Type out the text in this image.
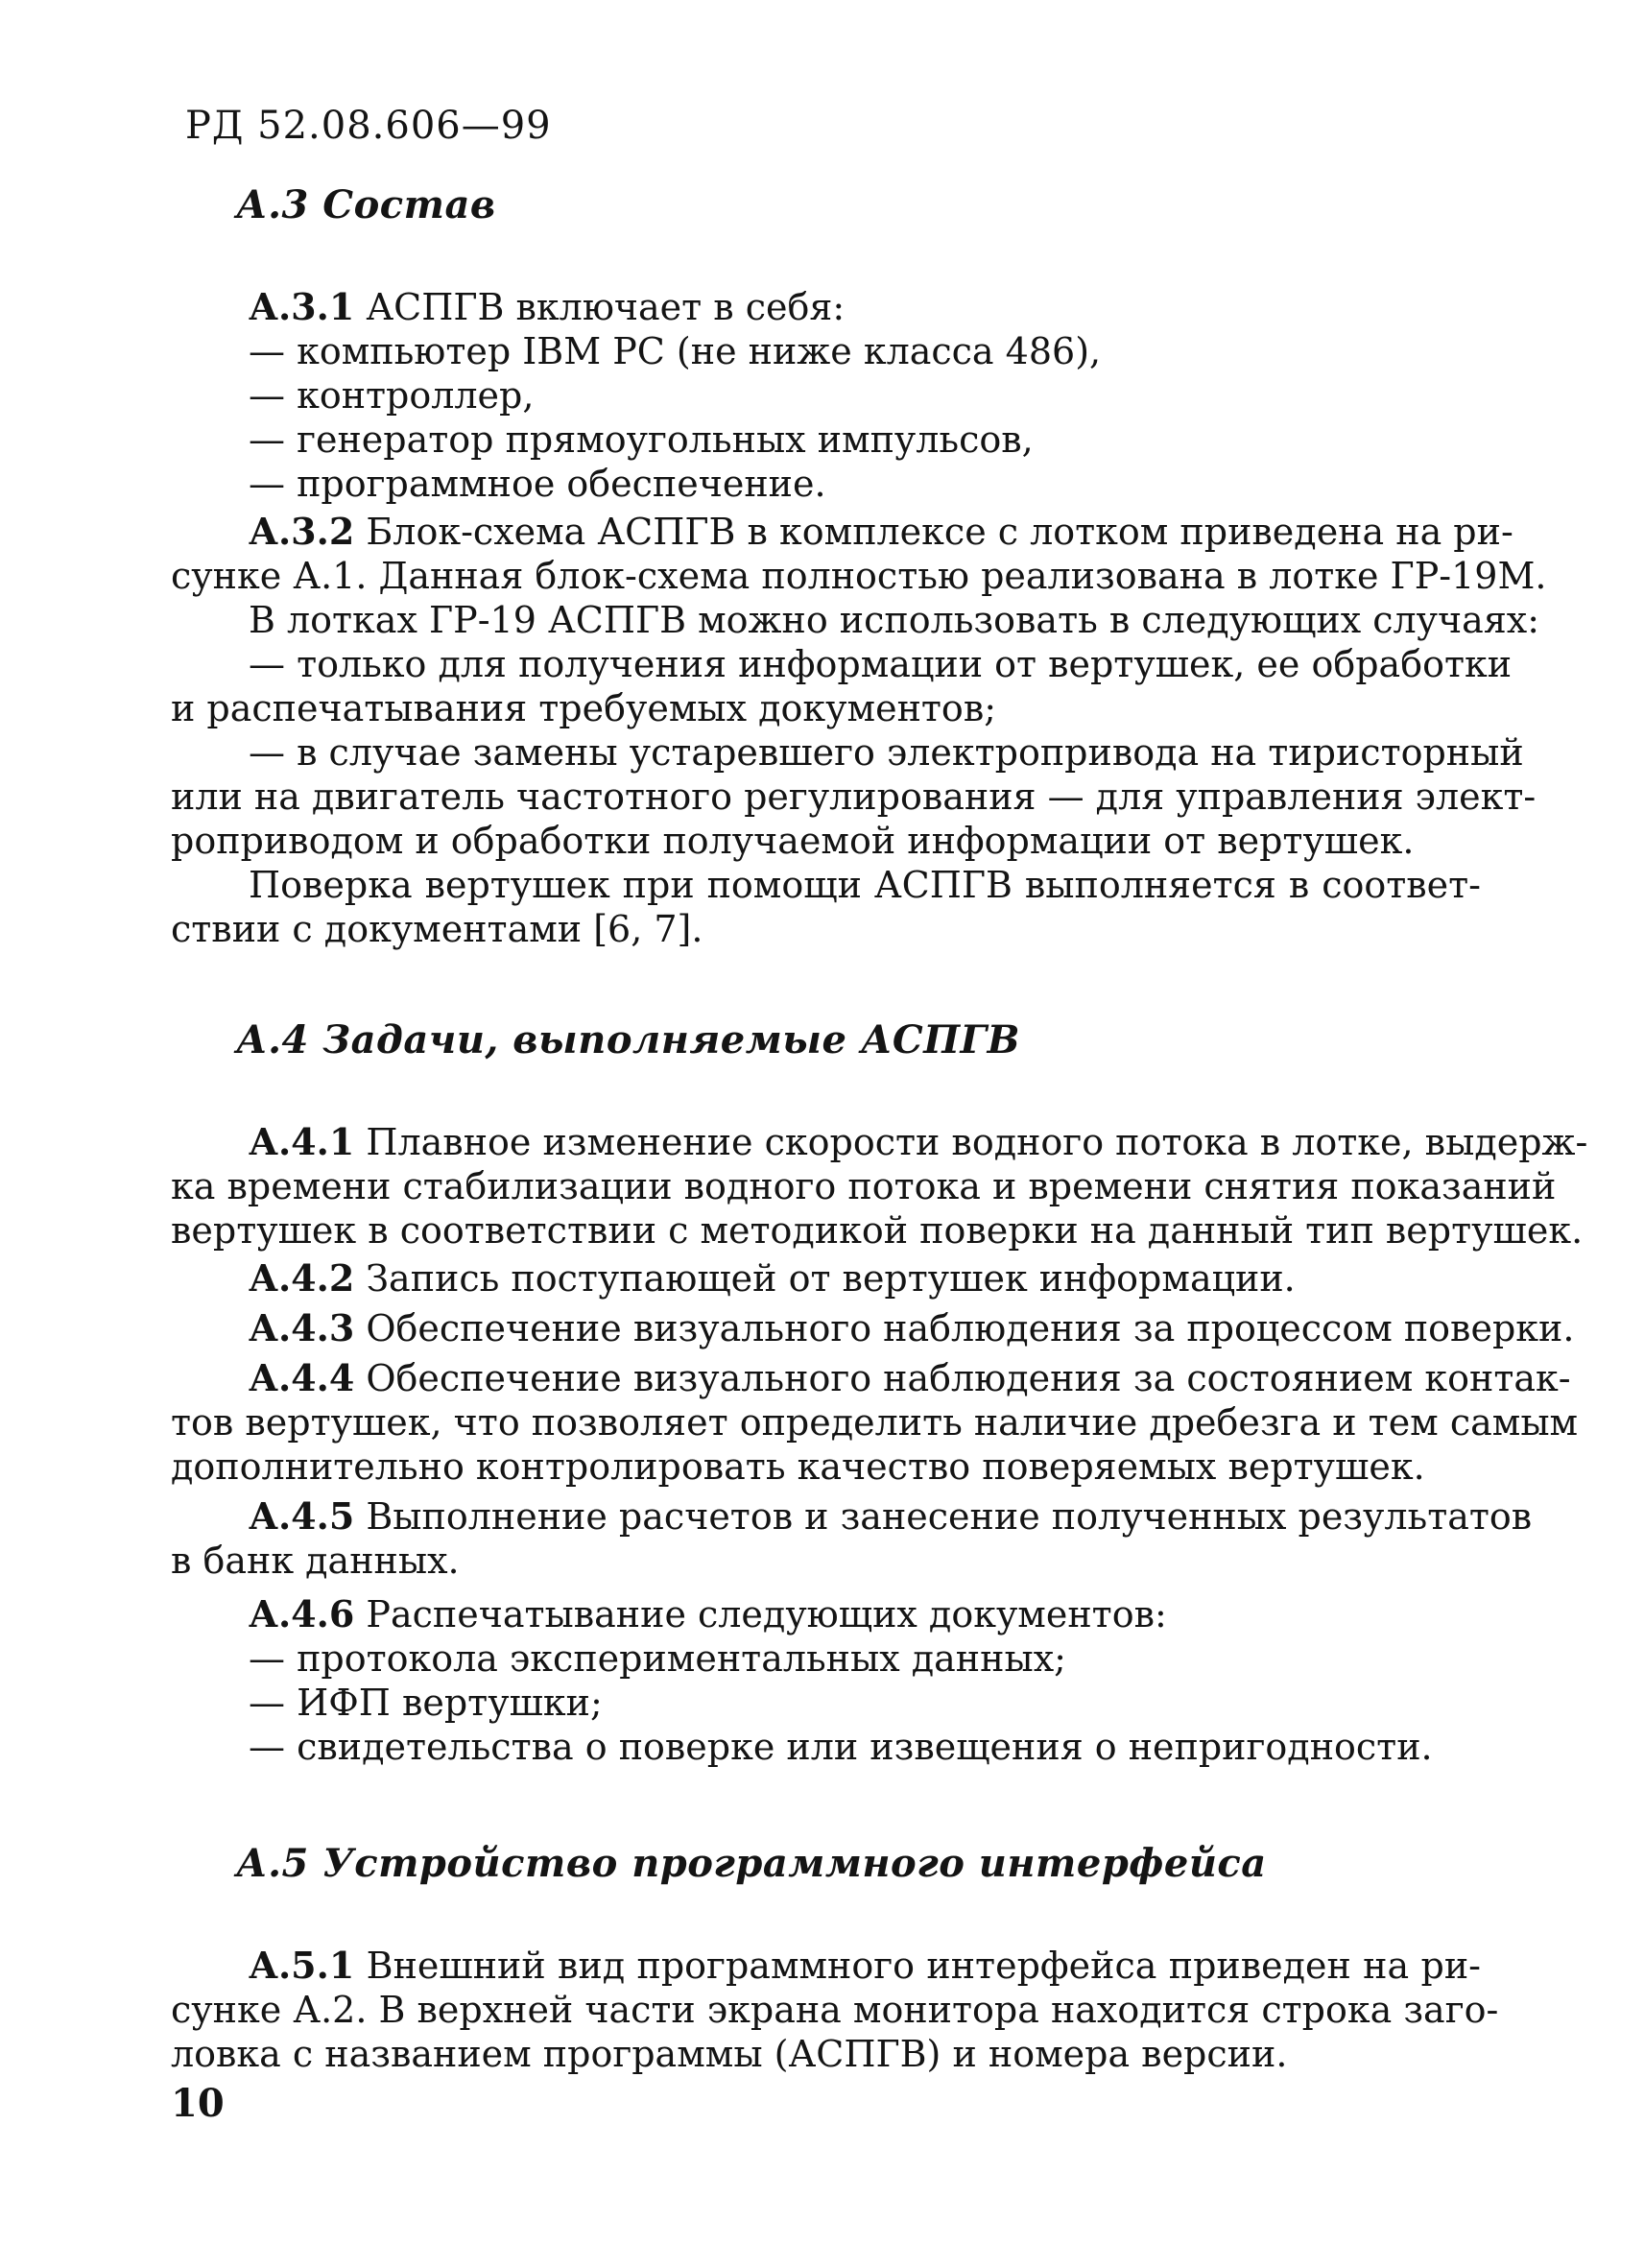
РД 52.08.606—99
А.3 Состав
А.3.1 АСПГВ включает в себя:
— компьютер IBM PC (не ниже класса 486),
— контроллер,
— генератор прямоугольных импульсов,
— программное обеспечение.
А.3.2 Блок-схема АСПГВ в комплексе с лотком приведена на ри-
сунке А.1. Данная блок-схема полностью реализована в лотке ГР-19М.
В лотках ГР-19 АСПГВ можно использовать в следующих случаях:
— только для получения информации от вертушек, ее обработки
и распечатывания требуемых документов;
— в случае замены устаревшего электропривода на тиристорный
или на двигатель частотного регулирования — для управления элект-
роприводом и обработки получаемой информации от вертушек.
Поверка вертушек при помощи АСПГВ выполняется в соответ-
ствии с документами [6, 7].
А.4 Задачи, выполняемые АСПГВ
А.4.1 Плавное изменение скорости водного потока в лотке, выдерж-
ка времени стабилизации водного потока и времени снятия показаний
вертушек в соответствии с методикой поверки на данный тип вертушек.
А.4.2 Запись поступающей от вертушек информации.
А.4.3 Обеспечение визуального наблюдения за процессом поверки.
А.4.4 Обеспечение визуального наблюдения за состоянием контак-
тов вертушек, что позволяет определить наличие дребезга и тем самым
дополнительно контролировать качество поверяемых вертушек.
А.4.5 Выполнение расчетов и занесение полученных результатов
в банк данных.
А.4.6 Распечатывание следующих документов:
— протокола экспериментальных данных;
— ИФП вертушки;
— свидетельства о поверке или извещения о непригодности.
А.5 Устройство программного интерфейса
А.5.1 Внешний вид программного интерфейса приведен на ри-
сунке А.2. В верхней части экрана монитора находится строка заго-
ловка с названием программы (АСПГВ) и номера версии.
10
